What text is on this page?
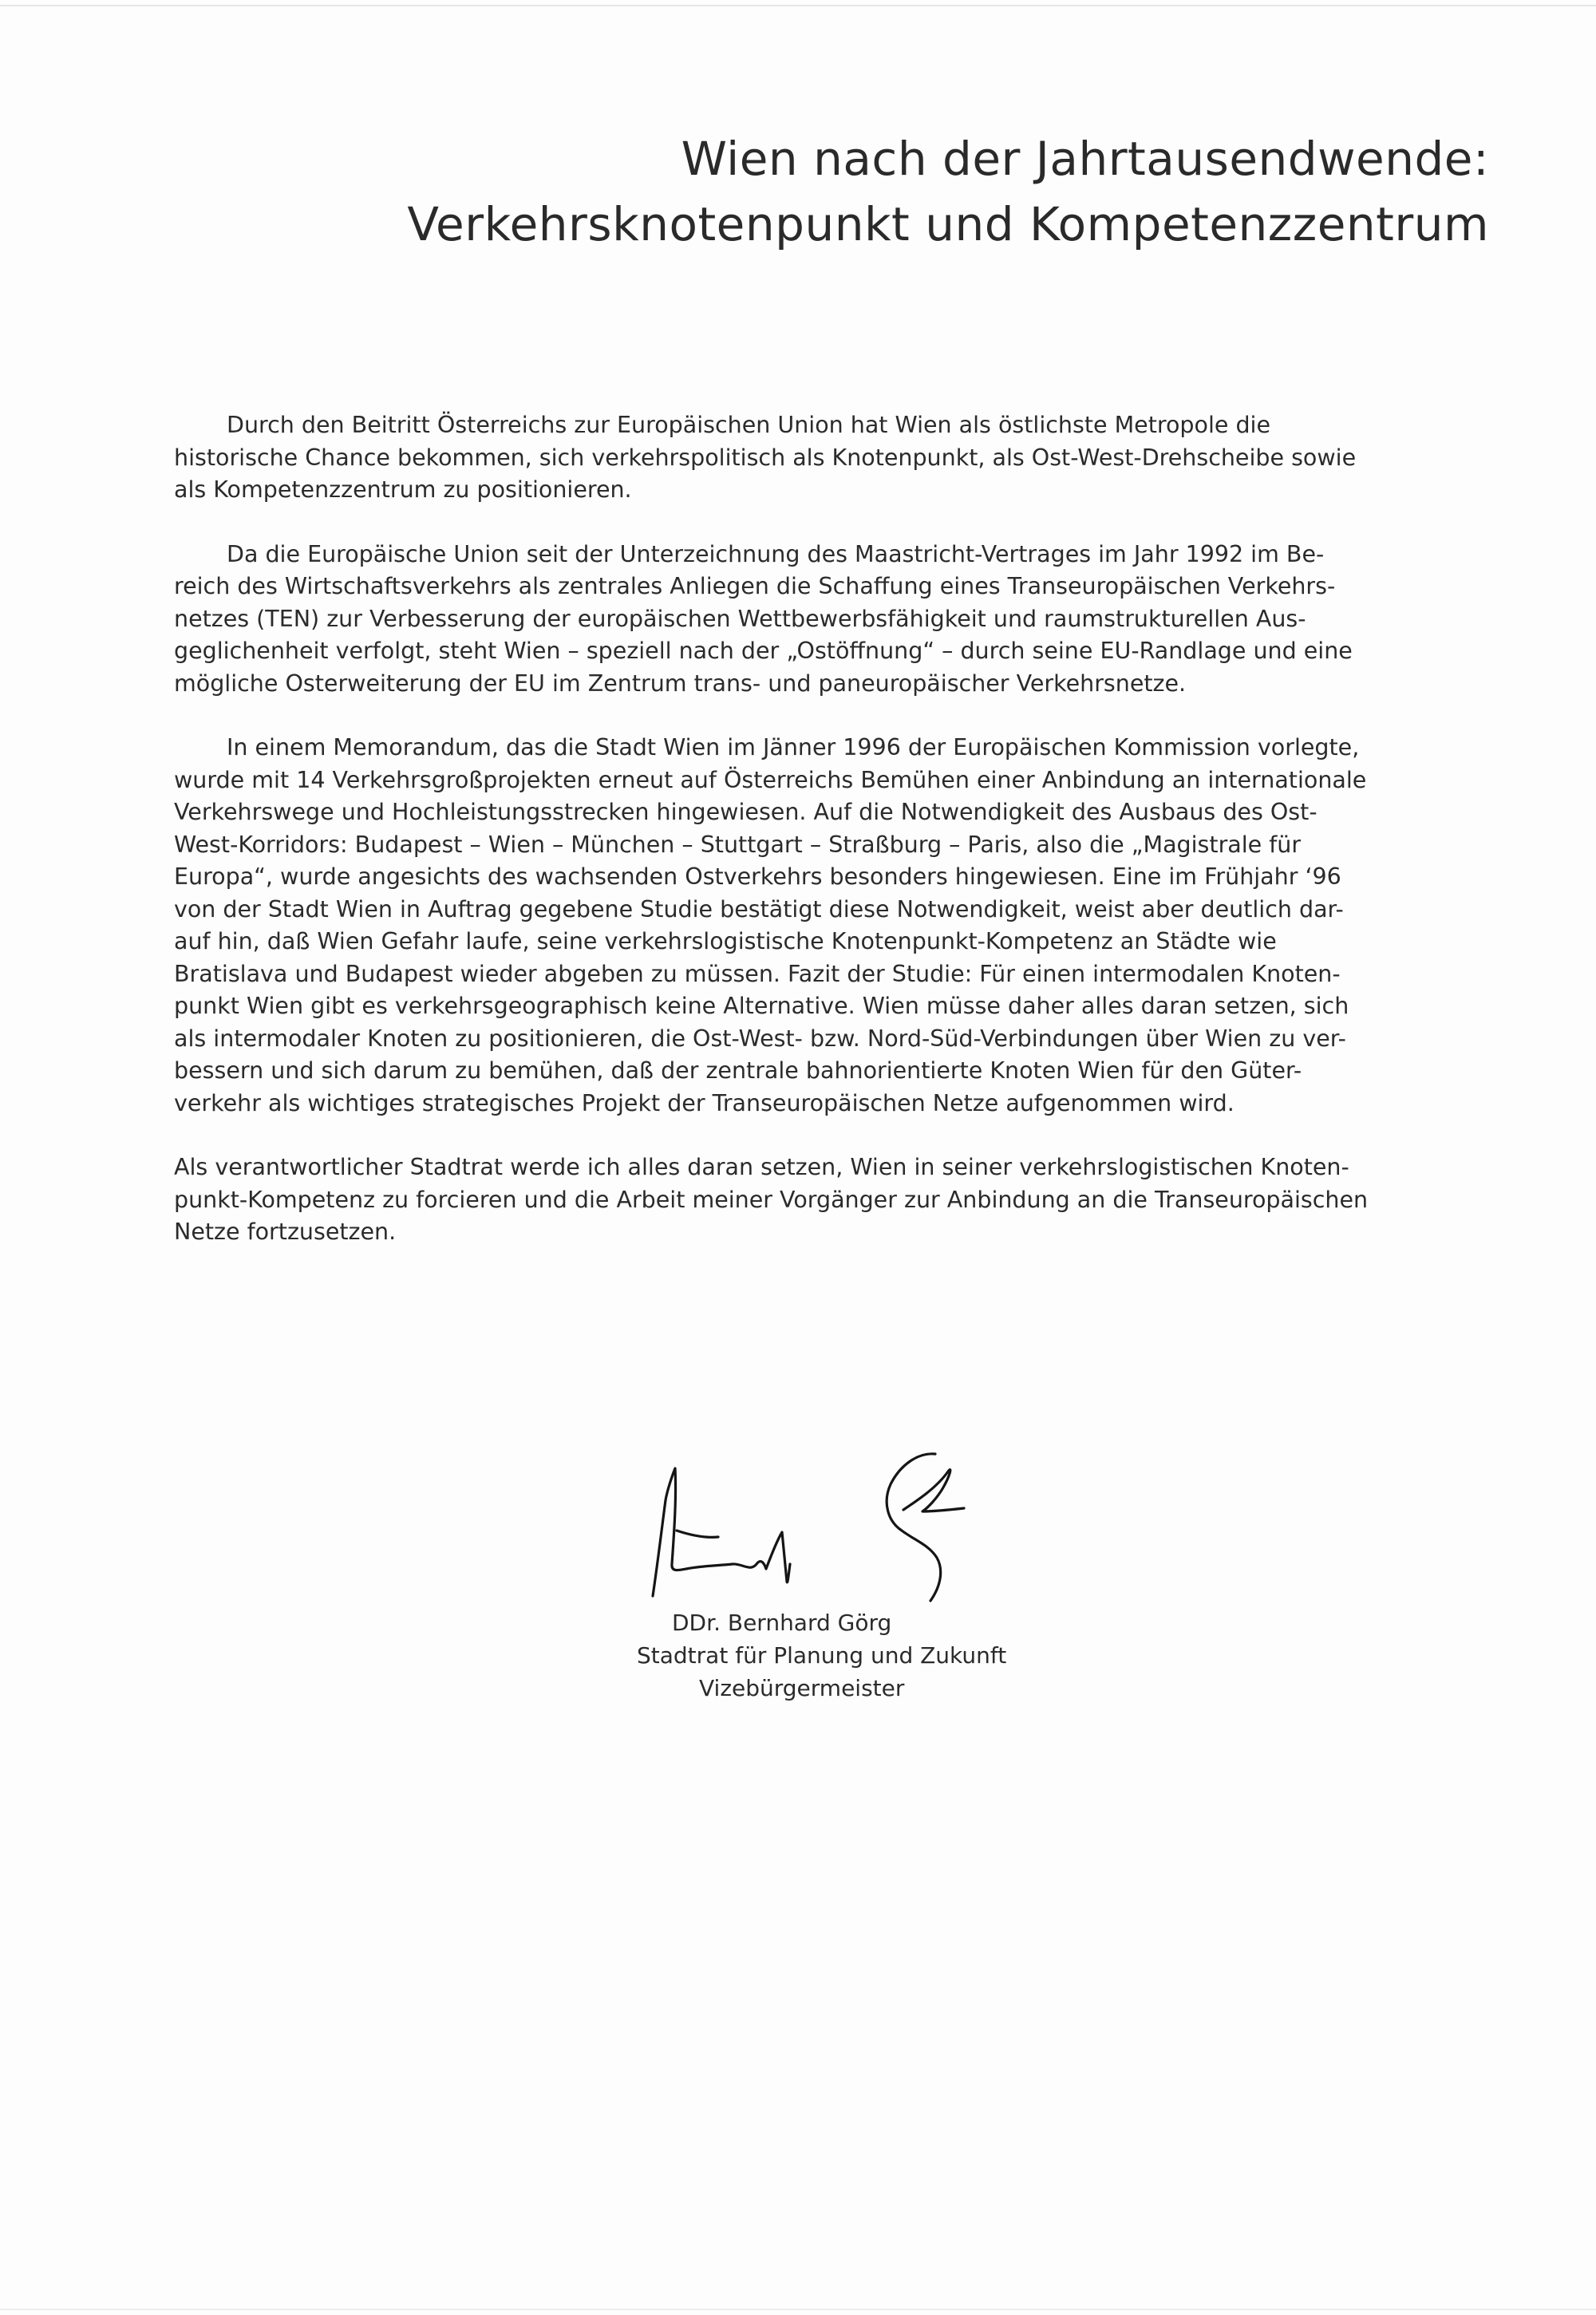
Wien nach der Jahrtausendwende:
Verkehrsknotenpunkt und Kompetenzzentrum

Durch den Beitritt Österreichs zur Europäischen Union hat Wien als östlichste Metropole die
historische Chance bekommen, sich verkehrspolitisch als Knotenpunkt, als Ost-West-Drehscheibe sowie
als Kompetenzzentrum zu positionieren.

Da die Europäische Union seit der Unterzeichnung des Maastricht-Vertrages im Jahr 1992 im Be-
reich des Wirtschaftsverkehrs als zentrales Anliegen die Schaffung eines Transeuropäischen Verkehrs-
netzes (TEN) zur Verbesserung der europäischen Wettbewerbsfähigkeit und raumstrukturellen Aus-
geglichenheit verfolgt, steht Wien – speziell nach der „Ostöffnung“ – durch seine EU-Randlage und eine
mögliche Osterweiterung der EU im Zentrum trans- und paneuropäischer Verkehrsnetze.

In einem Memorandum, das die Stadt Wien im Jänner 1996 der Europäischen Kommission vorlegte,
wurde mit 14 Verkehrsgroßprojekten erneut auf Österreichs Bemühen einer Anbindung an internationale
Verkehrswege und Hochleistungsstrecken hingewiesen. Auf die Notwendigkeit des Ausbaus des Ost-
West-Korridors: Budapest – Wien – München – Stuttgart – Straßburg – Paris, also die „Magistrale für
Europa“, wurde angesichts des wachsenden Ostverkehrs besonders hingewiesen. Eine im Frühjahr ‘96
von der Stadt Wien in Auftrag gegebene Studie bestätigt diese Notwendigkeit, weist aber deutlich dar-
auf hin, daß Wien Gefahr laufe, seine verkehrslogistische Knotenpunkt-Kompetenz an Städte wie
Bratislava und Budapest wieder abgeben zu müssen. Fazit der Studie: Für einen intermodalen Knoten-
punkt Wien gibt es verkehrsgeographisch keine Alternative. Wien müsse daher alles daran setzen, sich
als intermodaler Knoten zu positionieren, die Ost-West- bzw. Nord-Süd-Verbindungen über Wien zu ver-
bessern und sich darum zu bemühen, daß der zentrale bahnorientierte Knoten Wien für den Güter-
verkehr als wichtiges strategisches Projekt der Transeuropäischen Netze aufgenommen wird.

Als verantwortlicher Stadtrat werde ich alles daran setzen, Wien in seiner verkehrslogistischen Knoten-
punkt-Kompetenz zu forcieren und die Arbeit meiner Vorgänger zur Anbindung an die Transeuropäischen
Netze fortzusetzen.

DDr. Bernhard Görg
Stadtrat für Planung und Zukunft
Vizebürgermeister
